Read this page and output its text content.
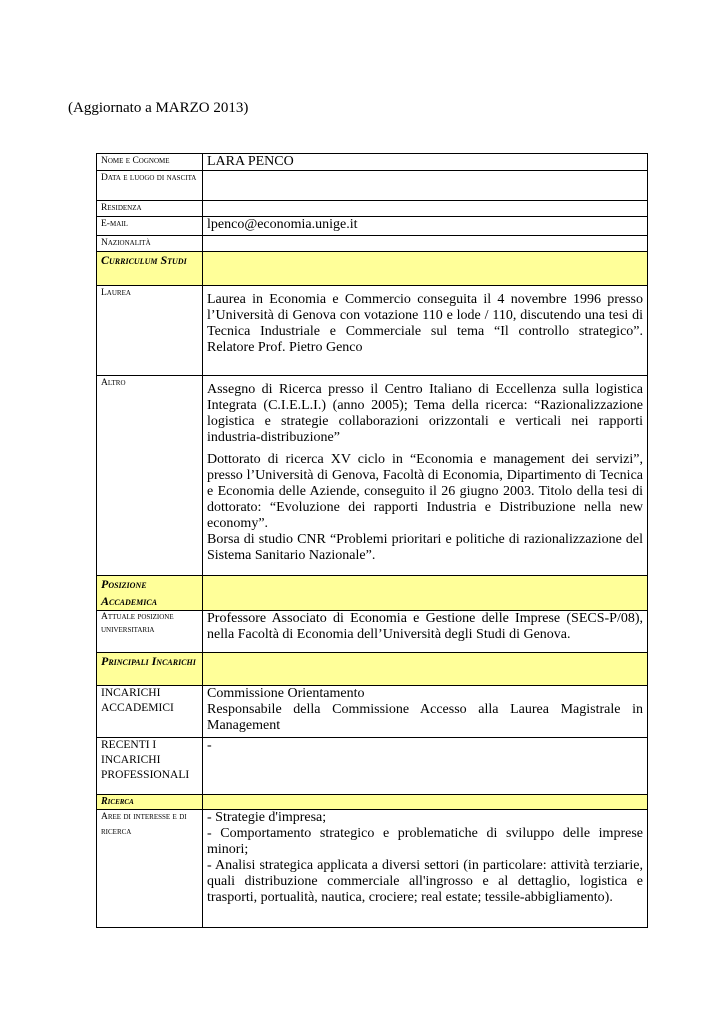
(Aggiornato a MARZO 2013)
Nome e Cognome	LARA PENCO
Data e luogo di nascita	
Residenza	
E-mail	lpenco@economia.unige.it
Nazionalità	
Curriculum Studi	
Laurea	Laurea in Economia e Commercio conseguita il 4 novembre 1996 presso l’Università di Genova con votazione 110 e lode / 110, discutendo una tesi di Tecnica Industriale e Commerciale sul tema “Il controllo strategico”. Relatore Prof. Pietro Genco
Altro	Assegno di Ricerca presso il Centro Italiano di Eccellenza sulla logistica Integrata (C.I.E.L.I.) (anno 2005); Tema della ricerca: “Razionalizzazione logistica e strategie collaborazioni orizzontali e verticali nei rapporti industria-distribuzione”

Dottorato di ricerca XV ciclo in “Economia e management dei servizi”, presso l’Università di Genova, Facoltà di Economia, Dipartimento di Tecnica e Economia delle Aziende, conseguito il 26 giugno 2003. Titolo della tesi di dottorato: “Evoluzione dei rapporti Industria e Distribuzione nella new economy”.

Borsa di studio CNR “Problemi prioritari e politiche di razionalizzazione del Sistema Sanitario Nazionale”.

Posizione Accademica	
Attuale posizione universitaria	Professore Associato di Economia e Gestione delle Imprese (SECS-P/08), nella Facoltà di Economia dell’Università degli Studi di Genova.
Principali Incarichi	
INCARICHI ACCADEMICI	Commissione Orientamento

Responsabile della Commissione Accesso alla Laurea Magistrale in Management

RECENTI I INCARICHI PROFESSIONALI	-
Ricerca	
Aree di interesse e di ricerca	- Strategie d'impresa;

- Comportamento strategico e problematiche di sviluppo delle imprese minori;

- Analisi strategica applicata a diversi settori (in particolare: attività terziarie, quali distribuzione commerciale all'ingrosso e al dettaglio, logistica e trasporti, portualità, nautica, crociere; real estate; tessile-abbigliamento).
